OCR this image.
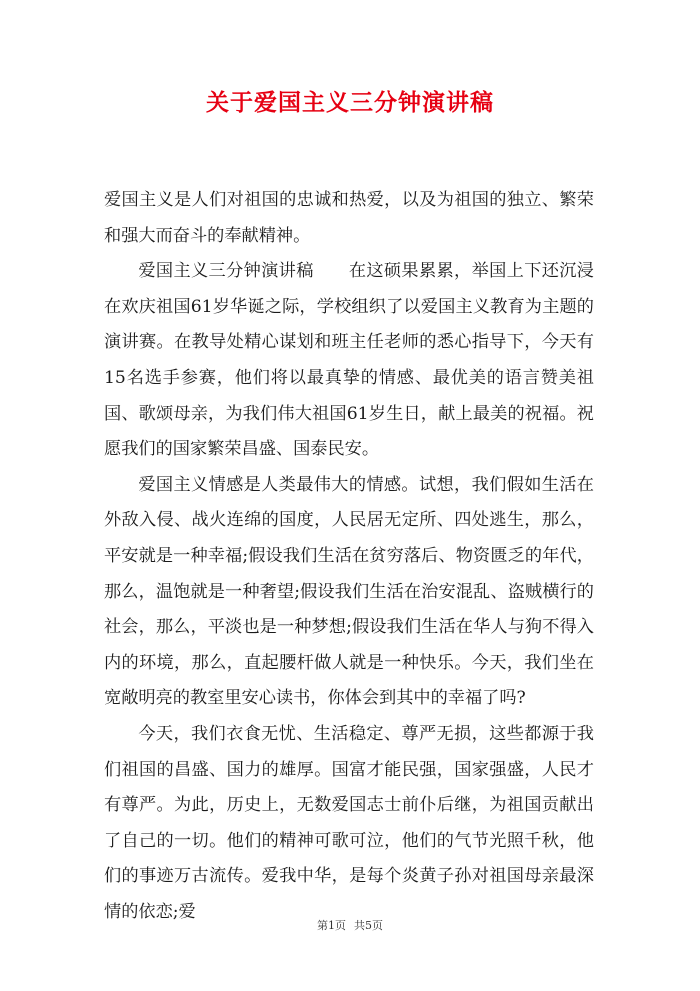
关于爱国主义三分钟演讲稿

爱国主义是人们对祖国的忠诚和热爱，以及为祖国的独立、繁荣和强大而奋斗的奉献精神。

爱国主义三分钟演讲稿　　在这硕果累累，举国上下还沉浸在欢庆祖国61岁华诞之际，学校组织了以爱国主义教育为主题的演讲赛。在教导处精心谋划和班主任老师的悉心指导下，今天有15名选手参赛，他们将以最真挚的情感、最优美的语言赞美祖国、歌颂母亲，为我们伟大祖国61岁生日，献上最美的祝福。祝愿我们的国家繁荣昌盛、国泰民安。

爱国主义情感是人类最伟大的情感。试想，我们假如生活在外敌入侵、战火连绵的国度，人民居无定所、四处逃生，那么，平安就是一种幸福;假设我们生活在贫穷落后、物资匮乏的年代，那么，温饱就是一种奢望;假设我们生活在治安混乱、盗贼横行的社会，那么，平淡也是一种梦想;假设我们生活在华人与狗不得入内的环境，那么，直起腰杆做人就是一种快乐。今天，我们坐在宽敞明亮的教室里安心读书，你体会到其中的幸福了吗?

今天，我们衣食无忧、生活稳定、尊严无损，这些都源于我们祖国的昌盛、国力的雄厚。国富才能民强，国家强盛，人民才有尊严。为此，历史上，无数爱国志士前仆后继，为祖国贡献出了自己的一切。他们的精神可歌可泣，他们的气节光照千秋，他们的事迹万古流传。爱我中华，是每个炎黄子孙对祖国母亲最深情的依恋;爱

第1页 共5页
